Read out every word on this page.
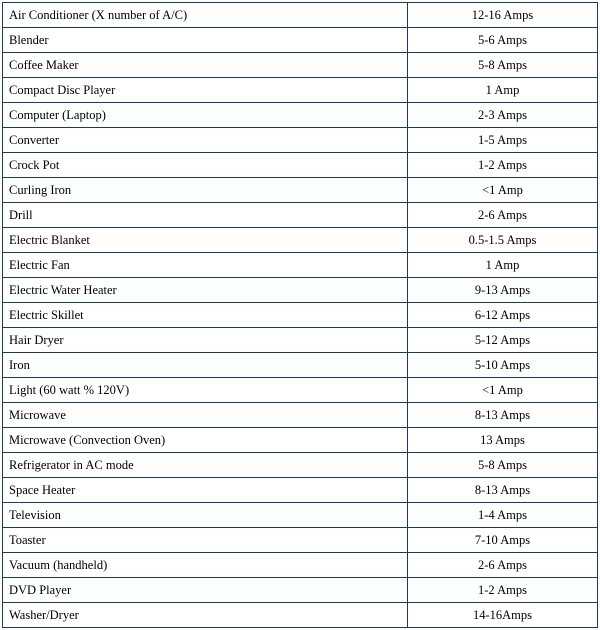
Air Conditioner (X number of A/C)	12-16 Amps
Blender	5-6 Amps
Coffee Maker	5-8 Amps
Compact Disc Player	1 Amp
Computer (Laptop)	2-3 Amps
Converter	1-5 Amps
Crock Pot	1-2 Amps
Curling Iron	<1 Amp
Drill	2-6 Amps
Electric Blanket	0.5-1.5 Amps
Electric Fan	1 Amp
Electric Water Heater	9-13 Amps
Electric Skillet	6-12 Amps
Hair Dryer	5-12 Amps
Iron	5-10 Amps
Light (60 watt % 120V)	<1 Amp
Microwave	8-13 Amps
Microwave (Convection Oven)	13 Amps
Refrigerator in AC mode	5-8 Amps
Space Heater	8-13 Amps
Television	1-4 Amps
Toaster	7-10 Amps
Vacuum (handheld)	2-6 Amps
DVD Player	1-2 Amps
Washer/Dryer	14-16Amps
